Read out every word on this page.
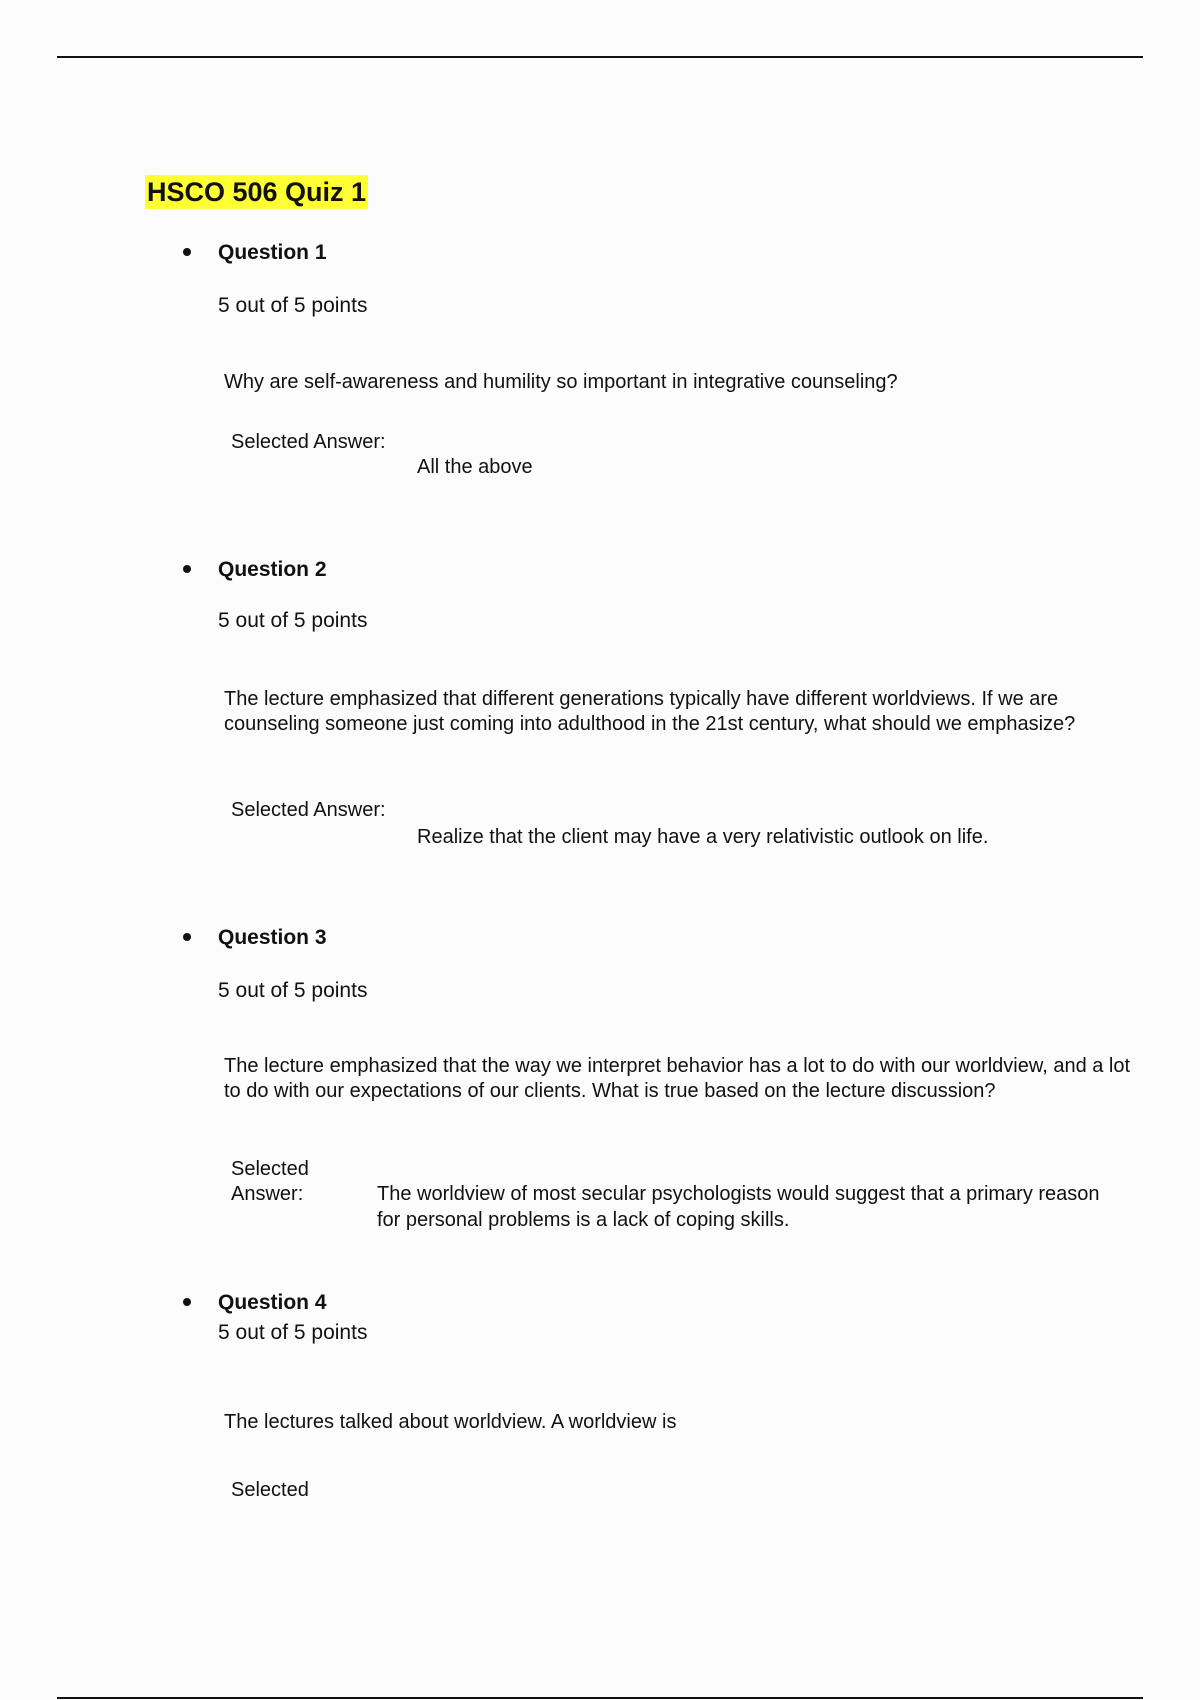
HSCO 506 Quiz 1
Question 1
5 out of 5 points
Why are self-awareness and humility so important in integrative counseling?
Selected Answer:
All the above
Question 2
5 out of 5 points
The lecture emphasized that different generations typically have different worldviews. If we are counseling someone just coming into adulthood in the 21st century, what should we emphasize?
Selected Answer:
Realize that the client may have a very relativistic outlook on life.
Question 3
5 out of 5 points
The lecture emphasized that the way we interpret behavior has a lot to do with our worldview, and a lot to do with our expectations of our clients. What is true based on the lecture discussion?
Selected
Answer:	The worldview of most secular psychologists would suggest that a primary reason for personal problems is a lack of coping skills.
Question 4
5 out of 5 points
The lectures talked about worldview. A worldview is
Selected
